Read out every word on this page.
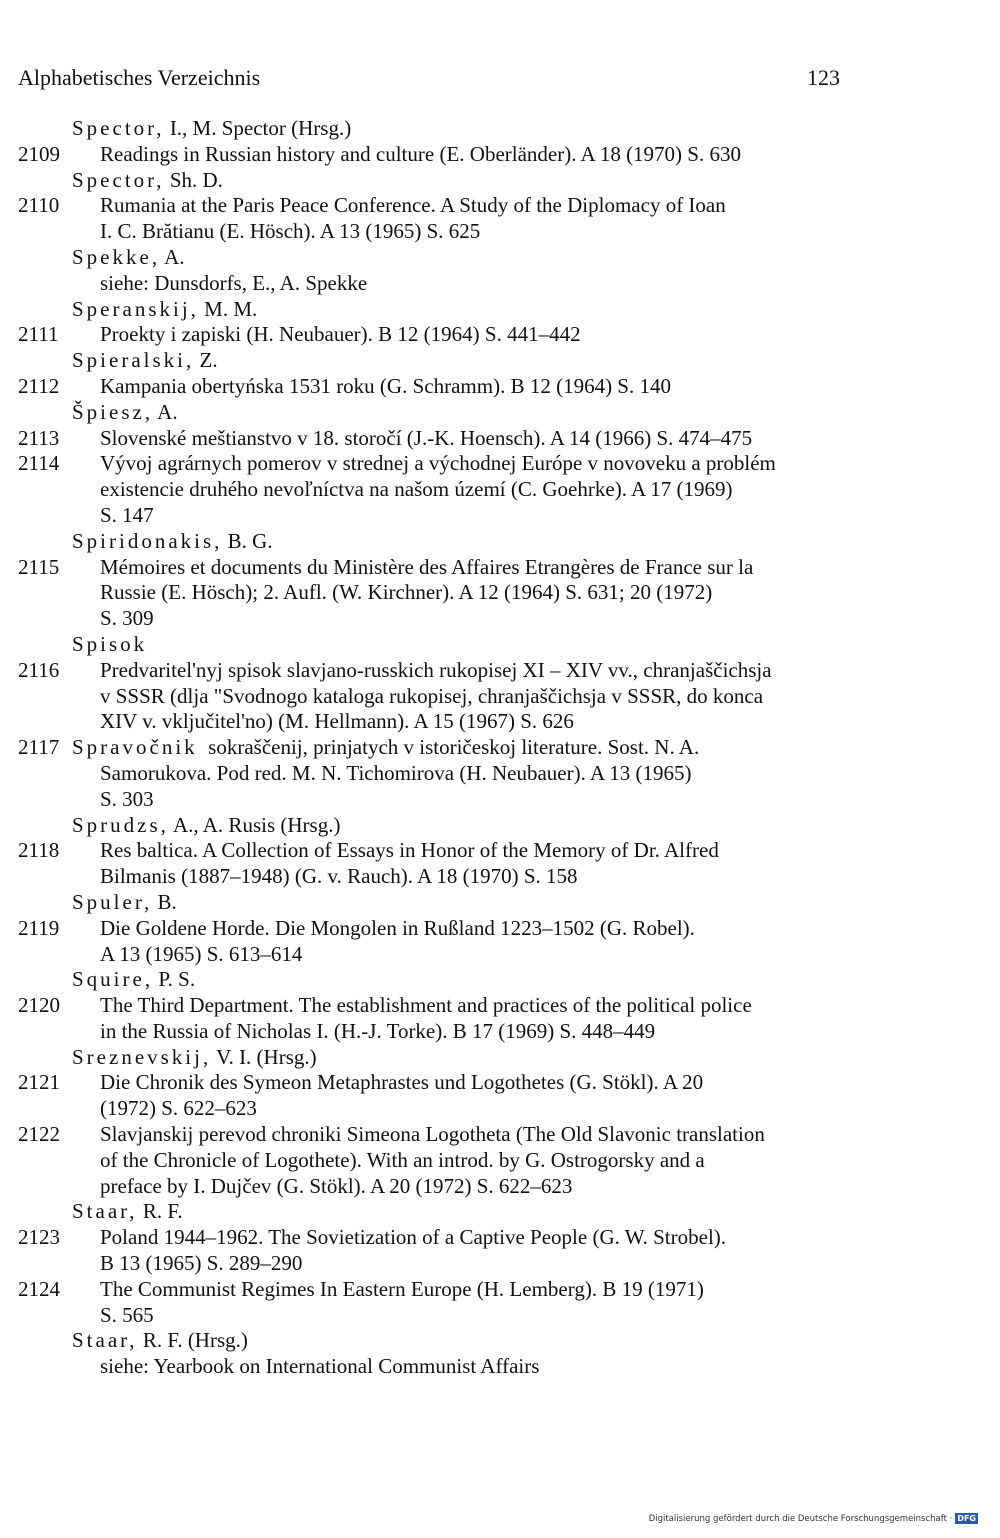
Alphabetisches Verzeichnis	123
Spector, I., M. Spector (Hrsg.)
2109 Readings in Russian history and culture (E. Oberländer). A 18 (1970) S. 630
Spector, Sh. D.
2110 Rumania at the Paris Peace Conference. A Study of the Diplomacy of Ioan
I. C. Brătianu (E. Hösch). A 13 (1965) S. 625
Spekke, A.
siehe: Dunsdorfs, E., A. Spekke
Speranskij, M. M.
2111 Proekty i zapiski (H. Neubauer). B 12 (1964) S. 441–442
Spieralski, Z.
2112 Kampania obertyńska 1531 roku (G. Schramm). B 12 (1964) S. 140
Špiesz, A.
2113 Slovenské meštianstvo v 18. storočí (J.-K. Hoensch). A 14 (1966) S. 474–475
2114 Vývoj agrárnych pomerov v strednej a východnej Európe v novoveku a problém
existencie druhého nevoľníctva na našom území (C. Goehrke). A 17 (1969)
S. 147
Spiridonakis, B. G.
2115 Mémoires et documents du Ministère des Affaires Etrangères de France sur la
Russie (E. Hösch); 2. Aufl. (W. Kirchner). A 12 (1964) S. 631; 20 (1972)
S. 309
Spisok
2116 Predvaritel'nyj spisok slavjano-russkich rukopisej XI – XIV vv., chranjaščichsja
v SSSR (dlja "Svodnogo kataloga rukopisej, chranjaščichsja v SSSR, do konca
XIV v. vključitel'no) (M. Hellmann). A 15 (1967) S. 626
2117 Spravočnik  sokraščenij, prinjatych v istoričeskoj literature. Sost. N. A.
Samorukova. Pod red. M. N. Tichomirova (H. Neubauer). A 13 (1965)
S. 303
Sprudzs, A., A. Rusis (Hrsg.)
2118 Res baltica. A Collection of Essays in Honor of the Memory of Dr. Alfred
Bilmanis (1887–1948) (G. v. Rauch). A 18 (1970) S. 158
Spuler, B.
2119 Die Goldene Horde. Die Mongolen in Rußland 1223–1502 (G. Robel).
A 13 (1965) S. 613–614
Squire, P. S.
2120 The Third Department. The establishment and practices of the political police
in the Russia of Nicholas I. (H.-J. Torke). B 17 (1969) S. 448–449
Sreznevskij, V. I. (Hrsg.)
2121 Die Chronik des Symeon Metaphrastes und Logothetes (G. Stökl). A 20
(1972) S. 622–623
2122 Slavjanskij perevod chroniki Simeona Logotheta (The Old Slavonic translation
of the Chronicle of Logothete). With an introd. by G. Ostrogorsky and a
preface by I. Dujčev (G. Stökl). A 20 (1972) S. 622–623
Staar, R. F.
2123 Poland 1944–1962. The Sovietization of a Captive People (G. W. Strobel).
B 13 (1965) S. 289–290
2124 The Communist Regimes In Eastern Europe (H. Lemberg). B 19 (1971)
S. 565
Staar, R. F. (Hrsg.)
siehe: Yearbook on International Communist Affairs
Digitalisierung gefördert durch die Deutsche Forschungsgemeinschaft · DFG
